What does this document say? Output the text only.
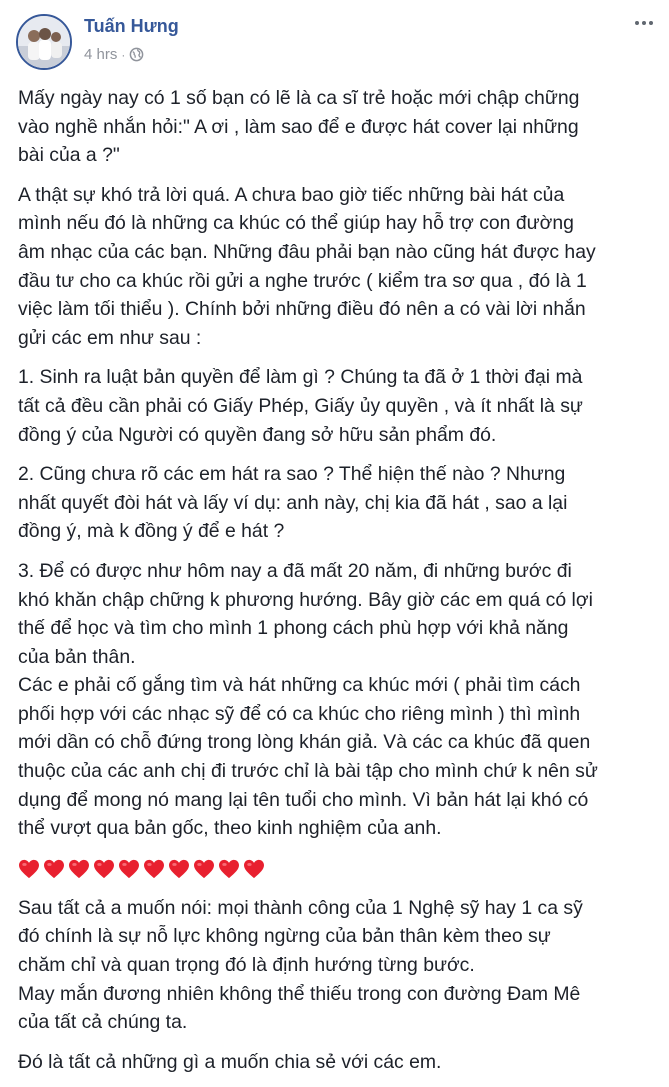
Tuấn Hưng
4 hrs ·
Mấy ngày nay có 1 số bạn có lẽ là ca sĩ trẻ hoặc mới chập chững
vào nghề nhắn hỏi:" A ơi , làm sao để e được hát cover lại những
bài của a ?"
A thật sự khó trả lời quá. A chưa bao giờ tiếc những bài hát của
mình nếu đó là những ca khúc có thể giúp hay hỗ trợ con đường
âm nhạc của các bạn. Những đâu phải bạn nào cũng hát được hay
đầu tư cho ca khúc rồi gửi a nghe trước ( kiểm tra sơ qua , đó là 1
việc làm tối thiểu ). Chính bởi những điều đó nên a có vài lời nhắn
gửi các em như sau :
1. Sinh ra luật bản quyền để làm gì ? Chúng ta đã ở 1 thời đại mà
tất cả đều cần phải có Giấy Phép, Giấy ủy quyền , và ít nhất là sự
đồng ý của Người có quyền đang sở hữu sản phẩm đó.
2. Cũng chưa rõ các em hát ra sao ? Thể hiện thế nào ? Nhưng
nhất quyết đòi hát và lấy ví dụ: anh này, chị kia đã hát , sao a lại
đồng ý, mà k đồng ý để e hát ?
3. Để có được như hôm nay a đã mất 20 năm, đi những bước đi
khó khăn chập chững k phương hướng. Bây giờ các em quá có lợi
thế để học và tìm cho mình 1 phong cách phù hợp với khả năng
của bản thân.
Các e phải cố gắng tìm và hát những ca khúc mới ( phải tìm cách
phối hợp với các nhạc sỹ để có ca khúc cho riêng mình ) thì mình
mới dần có chỗ đứng trong lòng khán giả. Và các ca khúc đã quen
thuộc của các anh chị đi trước chỉ là bài tập cho mình chứ k nên sử
dụng để mong nó mang lại tên tuổi cho mình. Vì bản hát lại khó có
thể vượt qua bản gốc, theo kinh nghiệm của anh.
Sau tất cả a muốn nói: mọi thành công của 1 Nghệ sỹ hay 1 ca sỹ
đó chính là sự nỗ lực không ngừng của bản thân kèm theo sự
chăm chỉ và quan trọng đó là định hướng từng bước.
May mắn đương nhiên không thể thiếu trong con đường Đam Mê
của tất cả chúng ta.
Đó là tất cả những gì a muốn chia sẻ với các em.
